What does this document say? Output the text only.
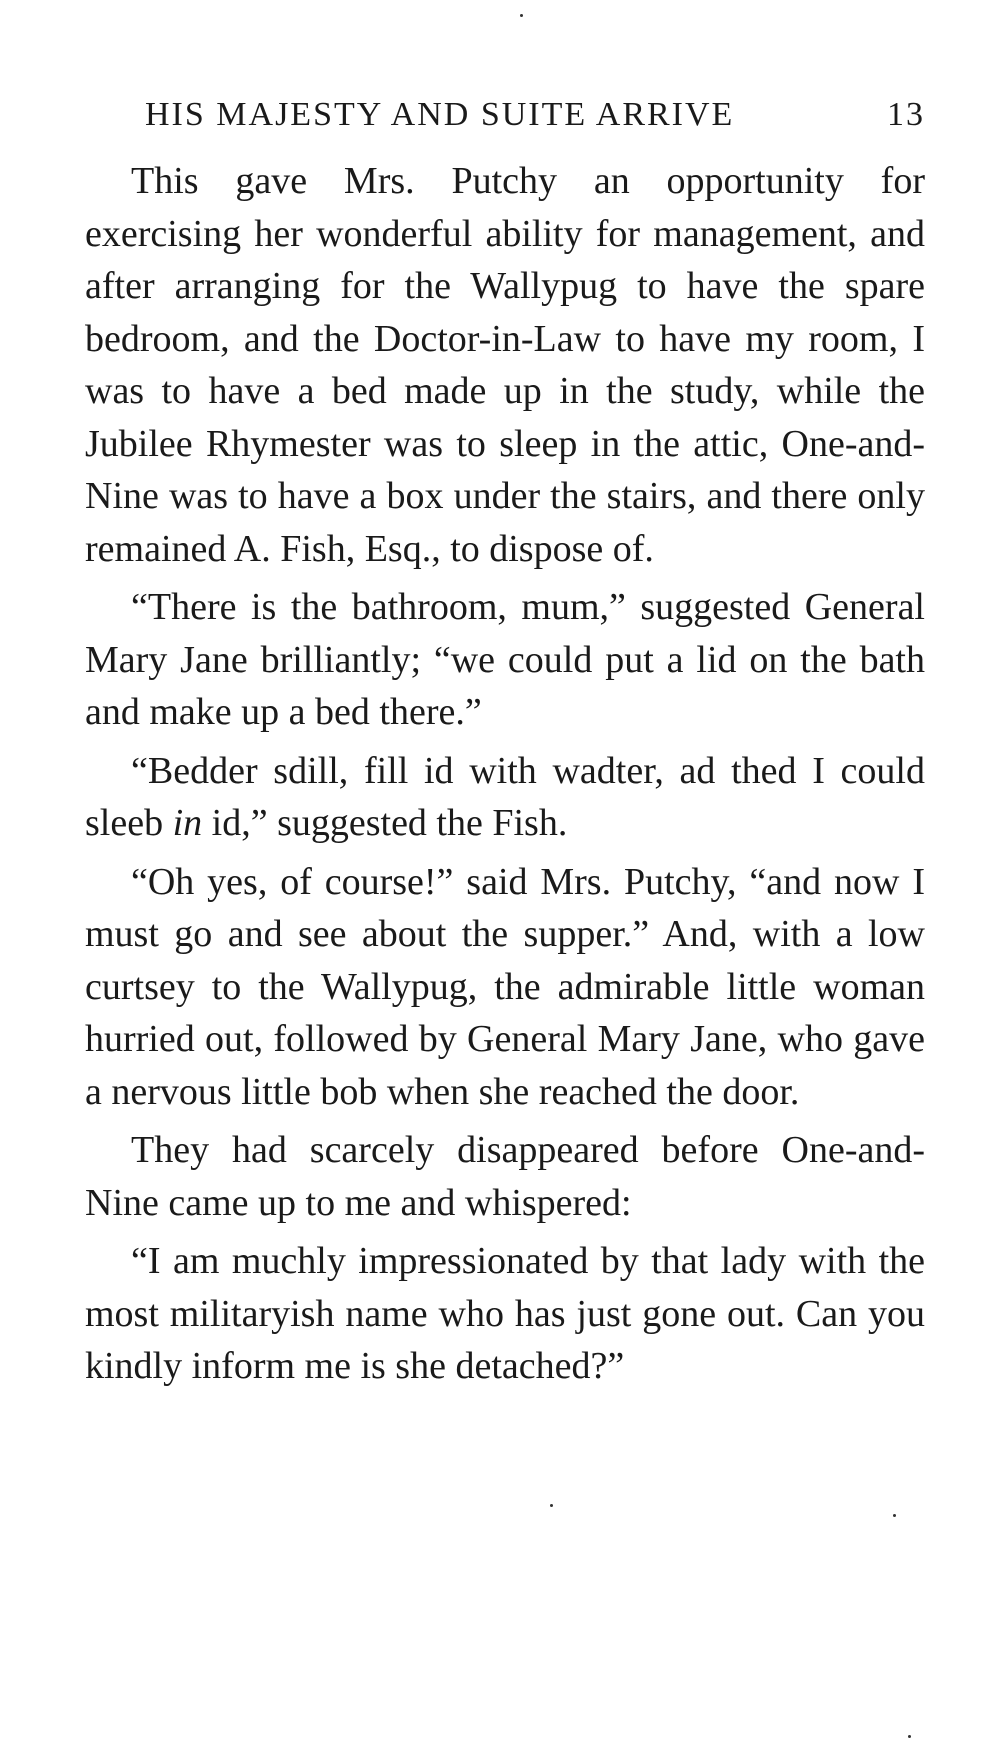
HIS MAJESTY AND SUITE ARRIVE	13

This gave Mrs. Putchy an opportunity for exercising her wonderful ability for management, and after arranging for the Wallypug to have the spare bedroom, and the Doctor-in-Law to have my room, I was to have a bed made up in the study, while the Jubilee Rhymester was to sleep in the attic, One-and-Nine was to have a box under the stairs, and there only remained A. Fish, Esq., to dispose of.

“There is the bathroom, mum,” suggested General Mary Jane brilliantly; “we could put a lid on the bath and make up a bed there.”

“Bedder sdill, fill id with wadter, ad thed I could sleeb in id,” suggested the Fish.

“Oh yes, of course!” said Mrs. Putchy, “and now I must go and see about the supper.” And, with a low curtsey to the Wallypug, the admirable little woman hurried out, followed by General Mary Jane, who gave a nervous little bob when she reached the door.

They had scarcely disappeared before One-and-Nine came up to me and whispered:

“I am muchly impressionated by that lady with the most militaryish name who has just gone out. Can you kindly inform me is she detached?”
